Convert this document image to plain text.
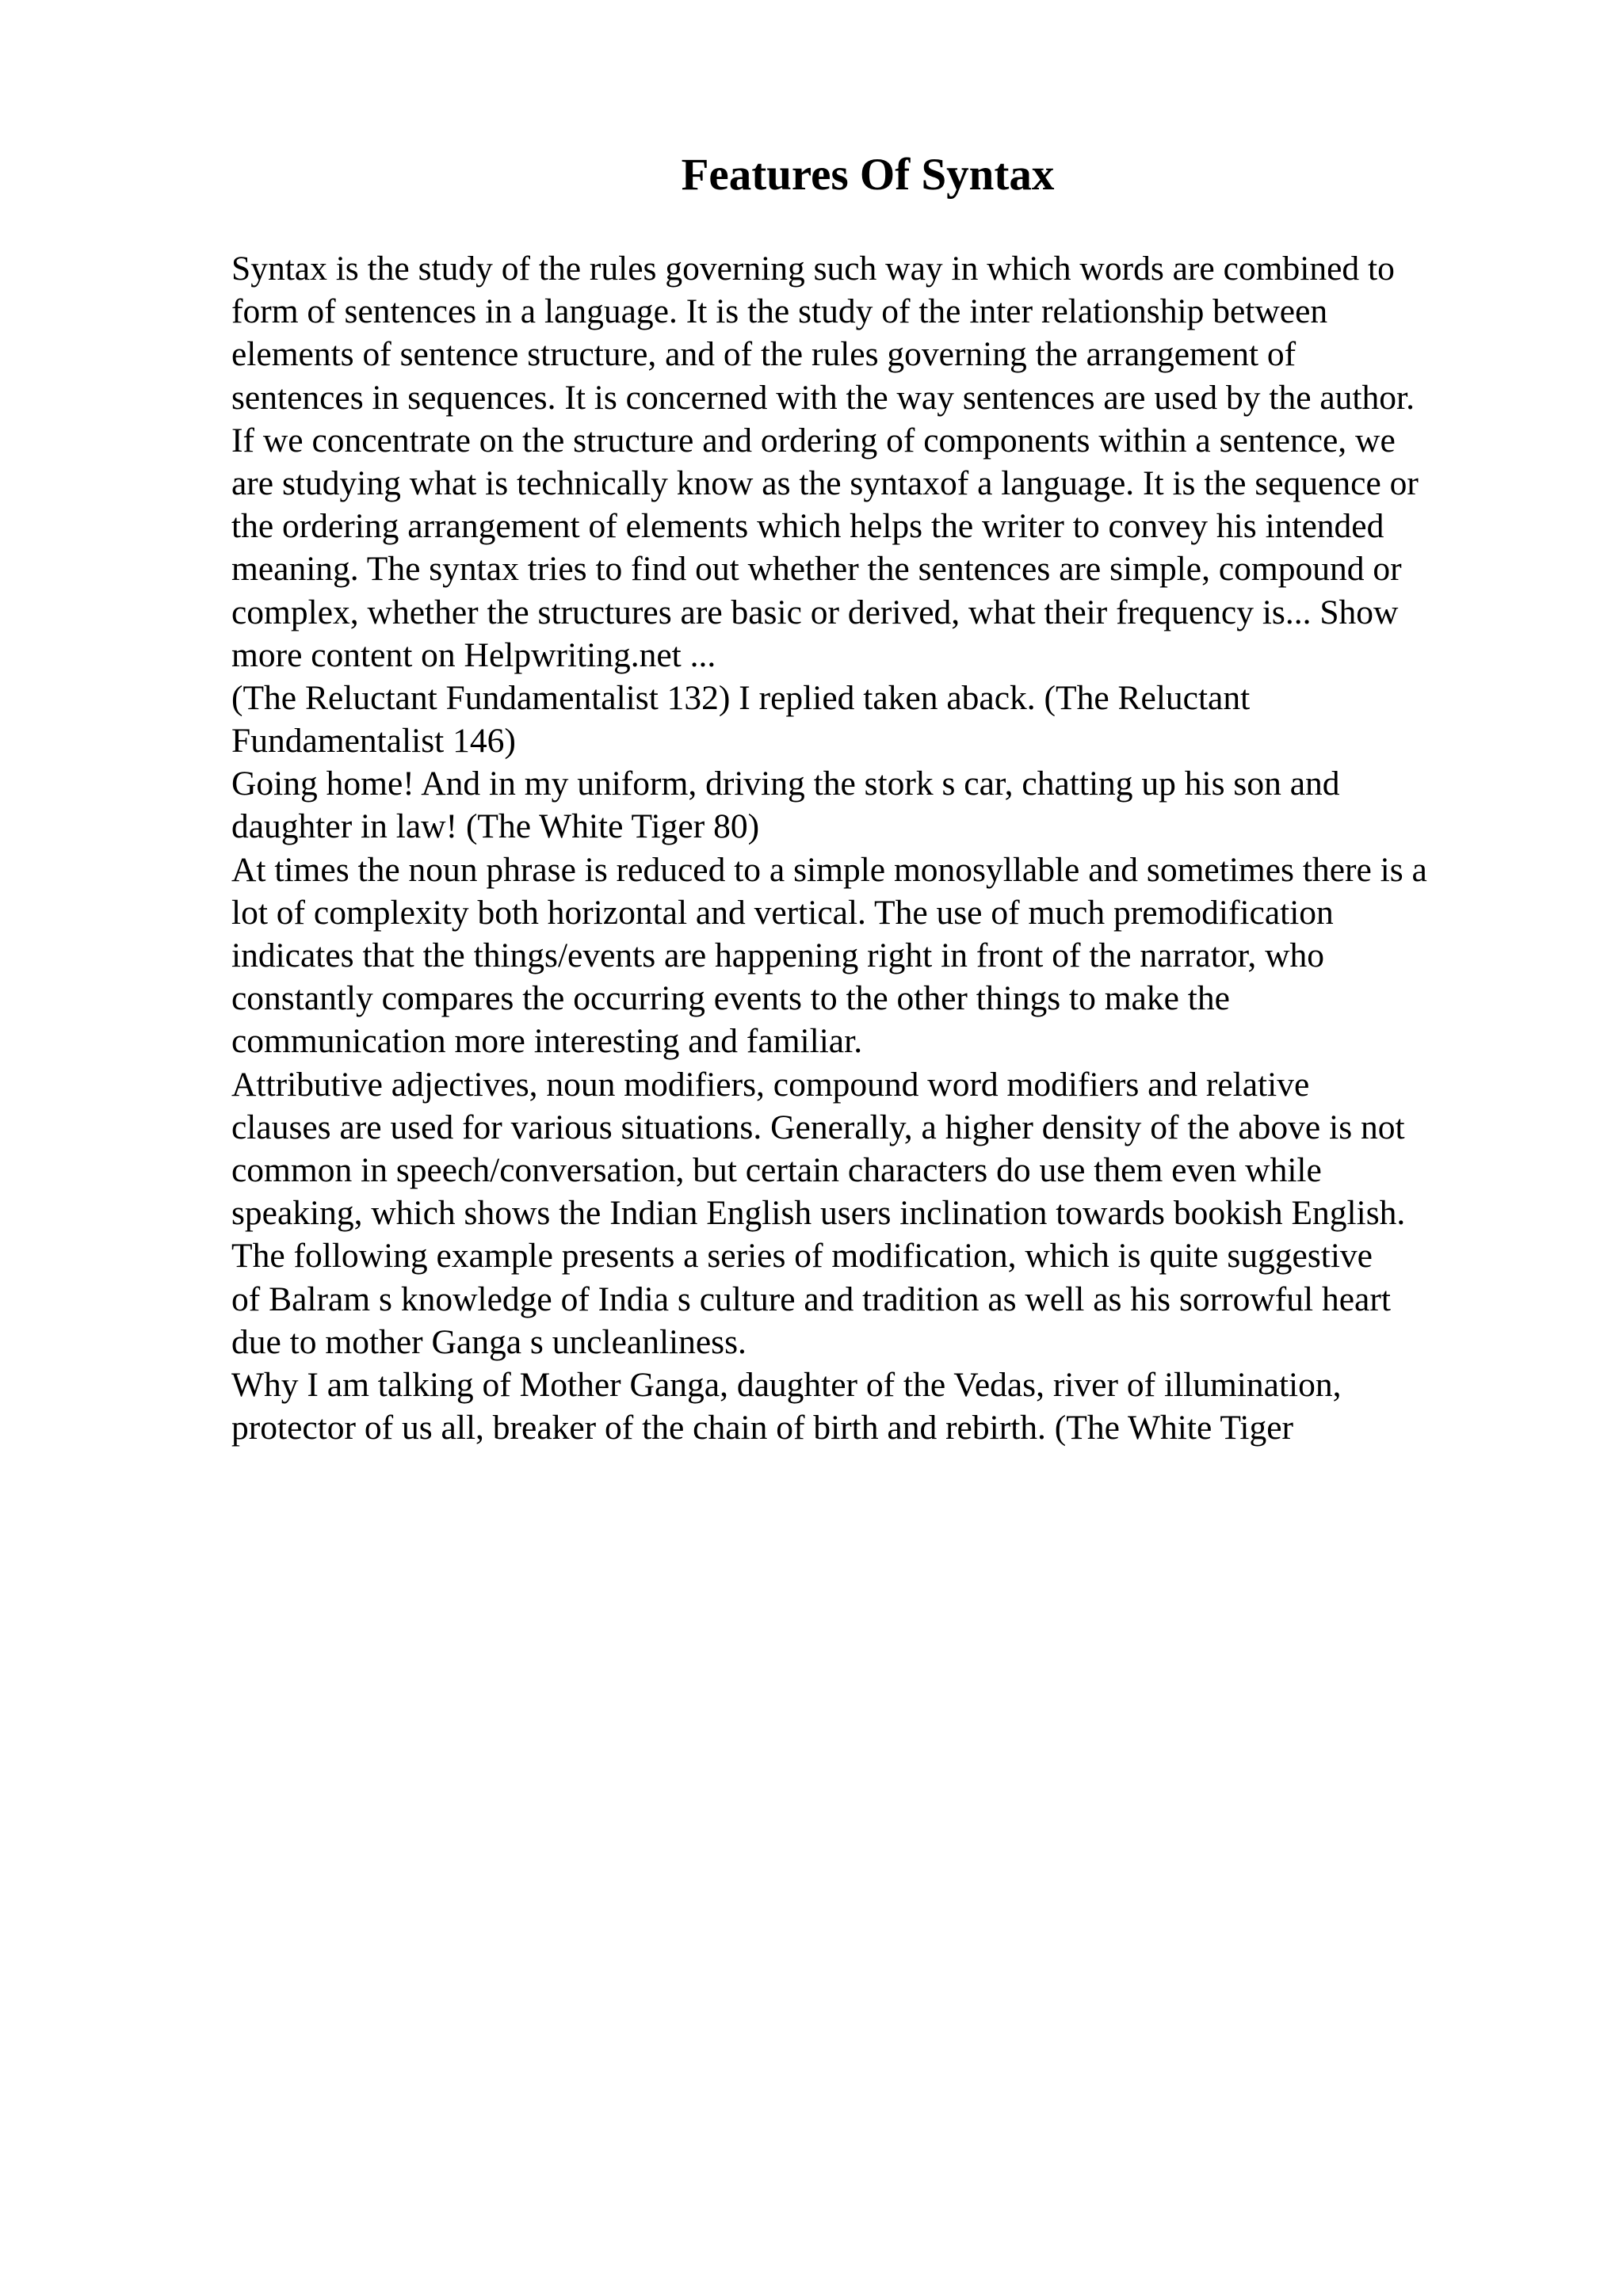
Features Of Syntax
Syntax is the study of the rules governing such way in which words are combined to
form of sentences in a language. It is the study of the inter relationship between
elements of sentence structure, and of the rules governing the arrangement of
sentences in sequences. It is concerned with the way sentences are used by the author.
If we concentrate on the structure and ordering of components within a sentence, we
are studying what is technically know as the syntaxof a language. It is the sequence or
the ordering arrangement of elements which helps the writer to convey his intended
meaning. The syntax tries to find out whether the sentences are simple, compound or
complex, whether the structures are basic or derived, what their frequency is... Show
more content on Helpwriting.net ...
(The Reluctant Fundamentalist 132) I replied taken aback. (The Reluctant
Fundamentalist 146)
Going home! And in my uniform, driving the stork s car, chatting up his son and
daughter in law! (The White Tiger 80)
At times the noun phrase is reduced to a simple monosyllable and sometimes there is a
lot of complexity both horizontal and vertical. The use of much premodification
indicates that the things/events are happening right in front of the narrator, who
constantly compares the occurring events to the other things to make the
communication more interesting and familiar.
Attributive adjectives, noun modifiers, compound word modifiers and relative
clauses are used for various situations. Generally, a higher density of the above is not
common in speech/conversation, but certain characters do use them even while
speaking, which shows the Indian English users inclination towards bookish English.
The following example presents a series of modification, which is quite suggestive
of Balram s knowledge of India s culture and tradition as well as his sorrowful heart
due to mother Ganga s uncleanliness.
Why I am talking of Mother Ganga, daughter of the Vedas, river of illumination,
protector of us all, breaker of the chain of birth and rebirth. (The White Tiger
